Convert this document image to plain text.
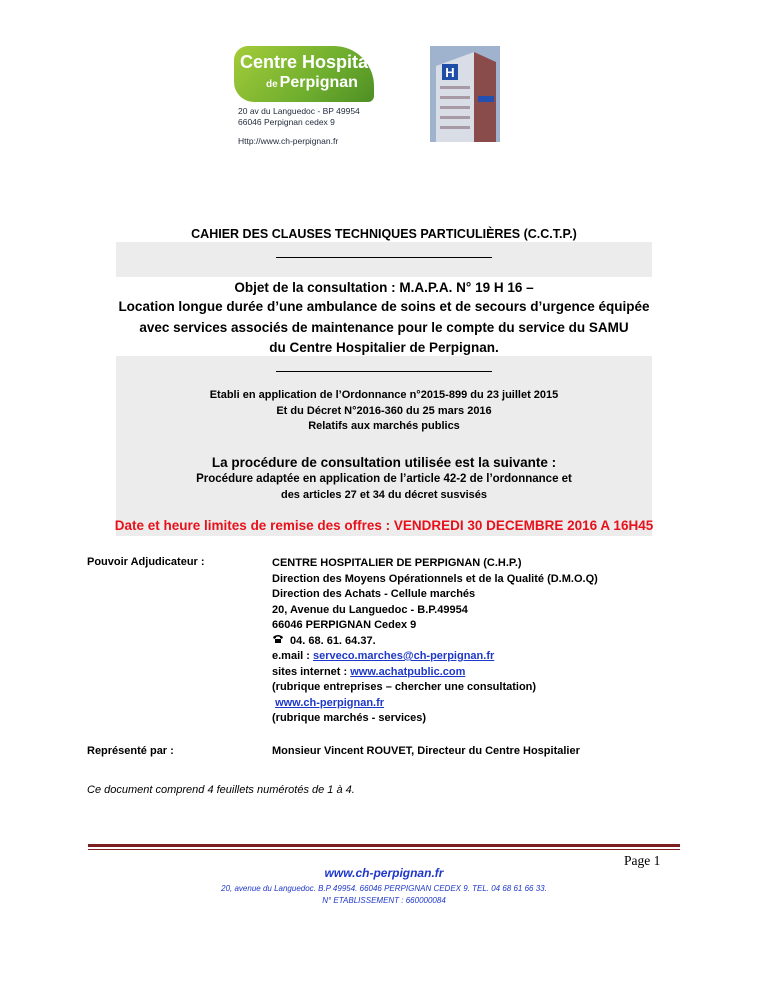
Centre Hospitalier
de Perpignan
20 av du Languedoc - BP 49954
66046 Perpignan cedex 9
Http://www.ch-perpignan.fr
H
CAHIER DES CLAUSES TECHNIQUES PARTICULIÈRES (C.C.T.P.)
Objet de la consultation : M.A.P.A. N° 19 H 16 –
Location longue durée d’une ambulance de soins et de secours d’urgence équipée
avec services associés de maintenance pour le compte du service du SAMU
du Centre Hospitalier de Perpignan.
Etabli en application de l’Ordonnance n°2015-899 du 23 juillet 2015
Et du Décret N°2016-360 du 25 mars 2016
Relatifs aux marchés publics
La procédure de consultation utilisée est la suivante :
Procédure adaptée en application de l’article 42-2 de l’ordonnance et
des articles 27 et 34 du décret susvisés
Date et heure limites de remise des offres : VENDREDI 30 DECEMBRE 2016 A 16H45
Pouvoir Adjudicateur :	CENTRE HOSPITALIER DE PERPIGNAN (C.H.P.)
Direction des Moyens Opérationnels et de la Qualité (D.M.O.Q)
Direction des Achats - Cellule marchés
20, Avenue du Languedoc - B.P.49954
66046 PERPIGNAN Cedex 9
04. 68. 61. 64.37.
e.mail : serveco.marches@ch-perpignan.fr
sites internet : www.achatpublic.com
(rubrique entreprises – chercher une consultation)
www.ch-perpignan.fr
(rubrique marchés - services)
Représenté par :	Monsieur Vincent ROUVET, Directeur du Centre Hospitalier
Ce document comprend 4 feuillets numérotés de 1 à 4.
Page 1
www.ch-perpignan.fr
20, avenue du Languedoc. B.P 49954. 66046 PERPIGNAN CEDEX 9. TEL. 04 68 61 66 33.
N° ETABLISSEMENT : 660000084
